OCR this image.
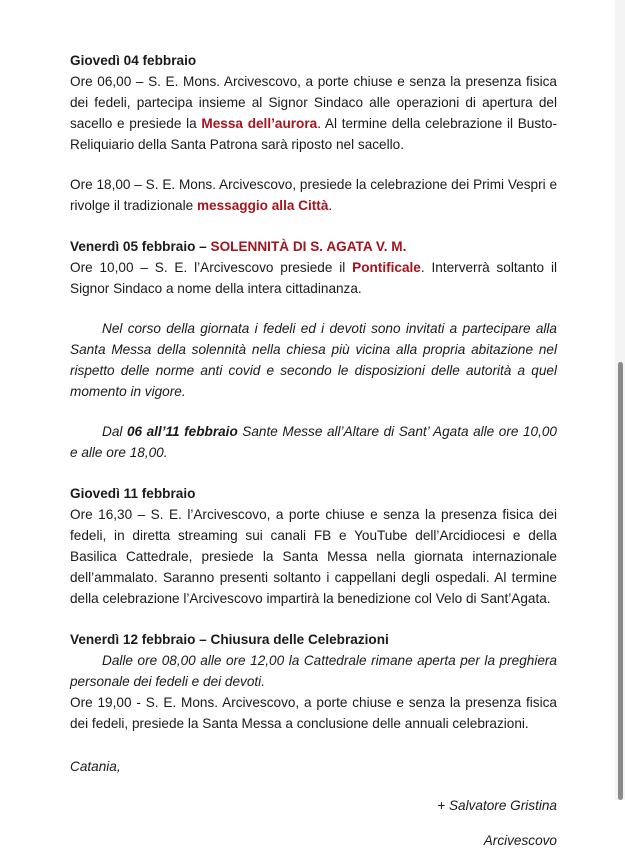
Giovedì 04 febbraio

Ore 06,00 – S. E. Mons. Arcivescovo, a porte chiuse e senza la presenza fisica dei fedeli, partecipa insieme al Signor Sindaco alle operazioni di apertura del sacello e presiede la Messa dell’aurora. Al termine della celebrazione il Busto-Reliquiario della Santa Patrona sarà riposto nel sacello.

Ore 18,00 – S. E. Mons. Arcivescovo, presiede la celebrazione dei Primi Vespri e rivolge il tradizionale messaggio alla Città.

Venerdì 05 febbraio – SOLENNITÀ DI S. AGATA V. M.

Ore 10,00 – S. E. l’Arcivescovo presiede il Pontificale. Interverrà soltanto il Signor Sindaco a nome della intera cittadinanza.

Nel corso della giornata i fedeli ed i devoti sono invitati a partecipare alla Santa Messa della solennità nella chiesa più vicina alla propria abitazione nel rispetto delle norme anti covid e secondo le disposizioni delle autorità a quel momento in vigore.

Dal 06 all’11 febbraio Sante Messe all’Altare di Sant’ Agata alle ore 10,00 e alle ore 18,00.

Giovedì 11 febbraio

Ore 16,30 – S. E. l’Arcivescovo, a porte chiuse e senza la presenza fisica dei fedeli, in diretta streaming sui canali FB e YouTube dell’Arcidiocesi e della Basilica Cattedrale, presiede la Santa Messa nella giornata internazionale dell’ammalato. Saranno presenti soltanto i cappellani degli ospedali. Al termine della celebrazione l’Arcivescovo impartirà la benedizione col Velo di Sant’Agata.

Venerdì 12 febbraio – Chiusura delle Celebrazioni

Dalle ore 08,00 alle ore 12,00 la Cattedrale rimane aperta per la preghiera personale dei fedeli e dei devoti.

Ore 19,00 - S. E. Mons. Arcivescovo, a porte chiuse e senza la presenza fisica dei fedeli, presiede la Santa Messa a conclusione delle annuali celebrazioni.

Catania,

+ Salvatore Gristina

Arcivescovo
